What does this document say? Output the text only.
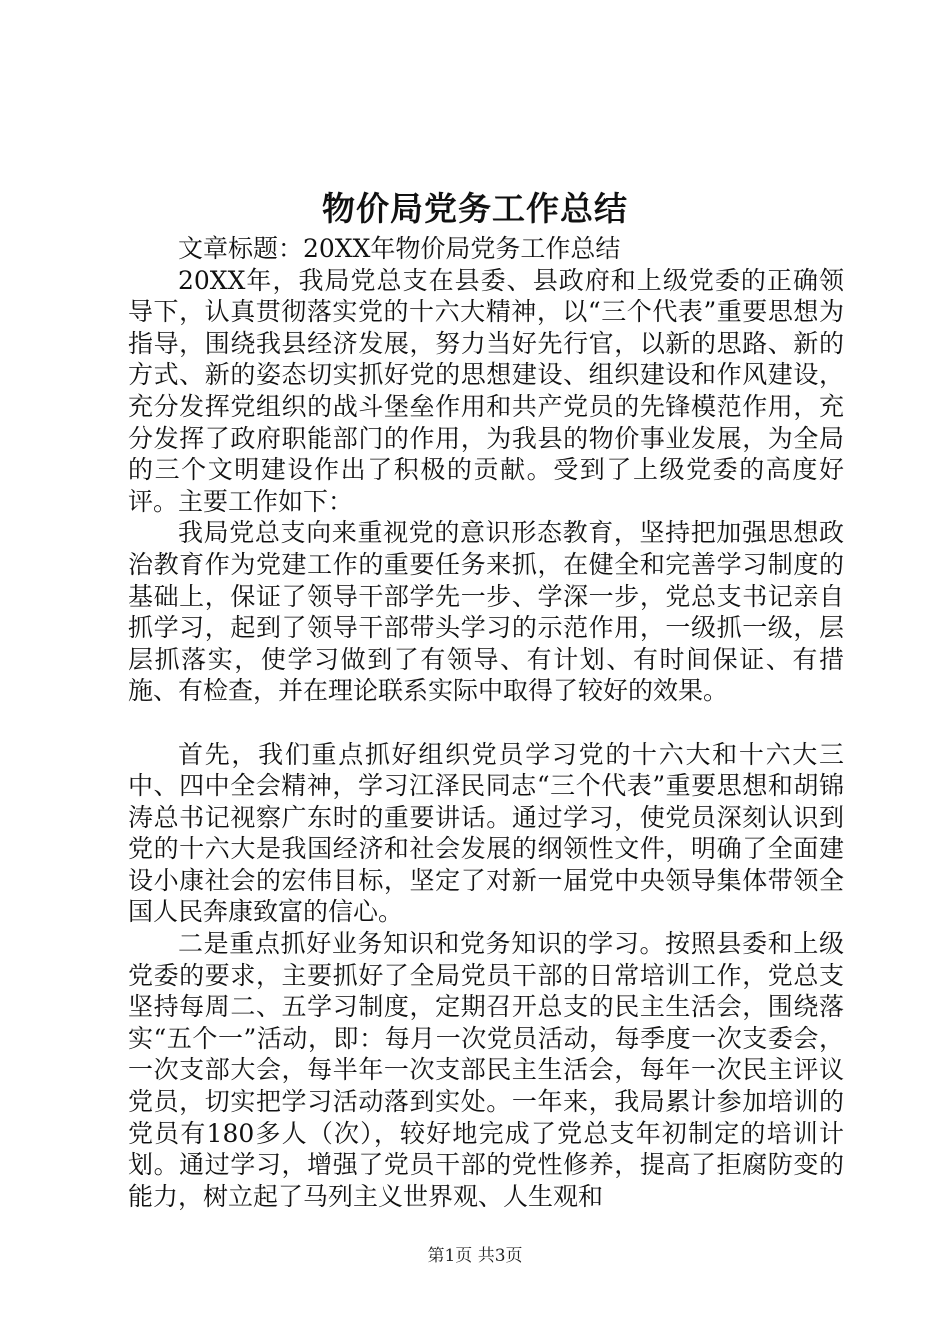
物价局党务工作总结

文章标题：20XX年物价局党务工作总结

20XX年，我局党总支在县委、县政府和上级党委的正确领导下，认真贯彻落实党的十六大精神，以“三个代表”重要思想为指导，围绕我县经济发展，努力当好先行官，以新的思路、新的方式、新的姿态切实抓好党的思想建设、组织建设和作风建设，充分发挥党组织的战斗堡垒作用和共产党员的先锋模范作用，充分发挥了政府职能部门的作用，为我县的物价事业发展，为全局的三个文明建设作出了积极的贡献。受到了上级党委的高度好评。主要工作如下：

我局党总支向来重视党的意识形态教育，坚持把加强思想政治教育作为党建工作的重要任务来抓，在健全和完善学习制度的基础上，保证了领导干部学先一步、学深一步，党总支书记亲自抓学习，起到了领导干部带头学习的示范作用，一级抓一级，层层抓落实，使学习做到了有领导、有计划、有时间保证、有措施、有检查，并在理论联系实际中取得了较好的效果。

首先，我们重点抓好组织党员学习党的十六大和十六大三中、四中全会精神，学习江泽民同志“三个代表”重要思想和胡锦涛总书记视察广东时的重要讲话。通过学习，使党员深刻认识到党的十六大是我国经济和社会发展的纲领性文件，明确了全面建设小康社会的宏伟目标，坚定了对新一届党中央领导集体带领全国人民奔康致富的信心。

二是重点抓好业务知识和党务知识的学习。按照县委和上级党委的要求，主要抓好了全局党员干部的日常培训工作，党总支坚持每周二、五学习制度，定期召开总支的民主生活会，围绕落实“五个一”活动，即：每月一次党员活动，每季度一次支委会，一次支部大会，每半年一次支部民主生活会，每年一次民主评议党员，切实把学习活动落到实处。一年来，我局累计参加培训的党员有180多人（次），较好地完成了党总支年初制定的培训计划。通过学习，增强了党员干部的党性修养，提高了拒腐防变的能力，树立起了马列主义世界观、人生观和

第1页 共3页
